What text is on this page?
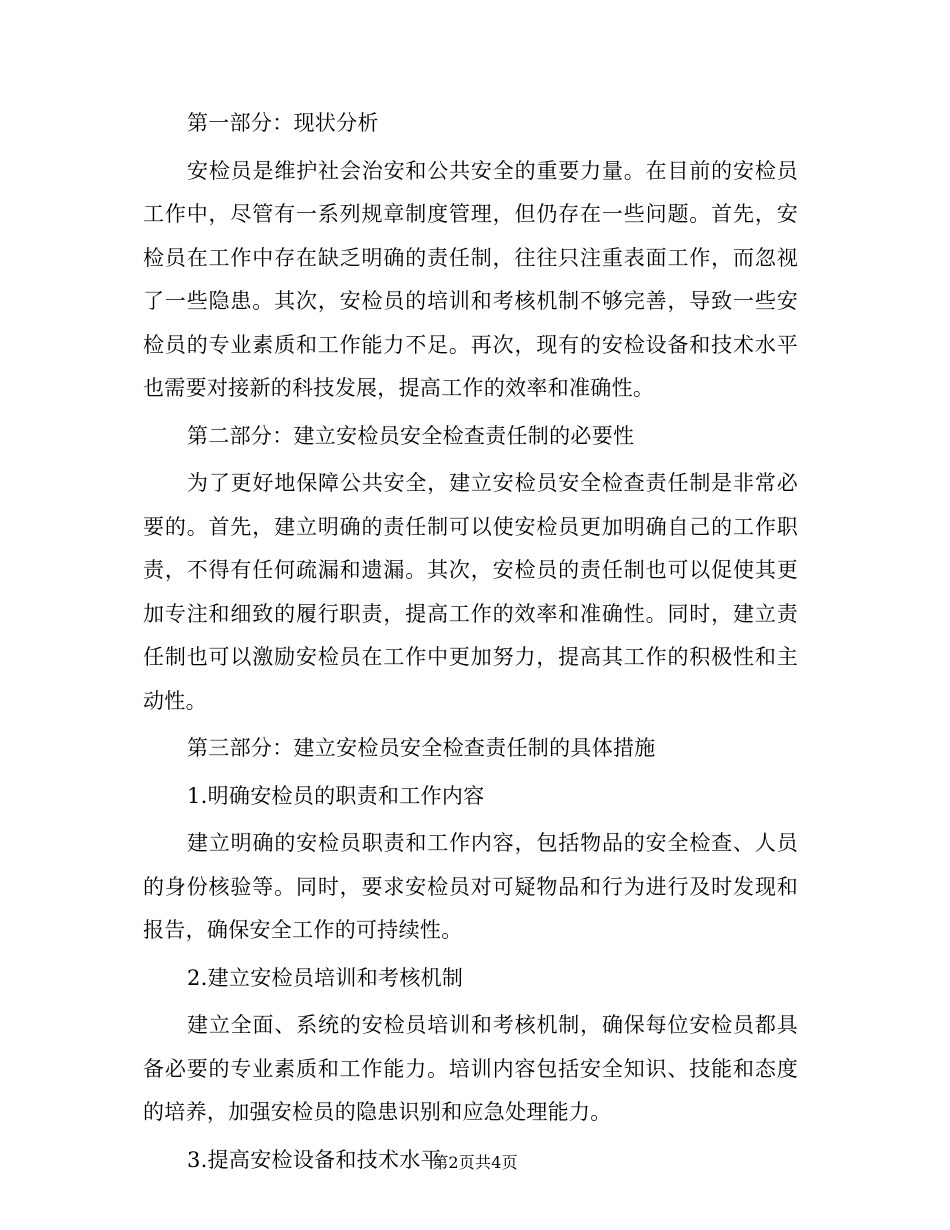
第一部分：现状分析

安检员是维护社会治安和公共安全的重要力量。在目前的安检员工作中，尽管有一系列规章制度管理，但仍存在一些问题。首先，安检员在工作中存在缺乏明确的责任制，往往只注重表面工作，而忽视了一些隐患。其次，安检员的培训和考核机制不够完善，导致一些安检员的专业素质和工作能力不足。再次，现有的安检设备和技术水平也需要对接新的科技发展，提高工作的效率和准确性。

第二部分：建立安检员安全检查责任制的必要性

为了更好地保障公共安全，建立安检员安全检查责任制是非常必要的。首先，建立明确的责任制可以使安检员更加明确自己的工作职责，不得有任何疏漏和遗漏。其次，安检员的责任制也可以促使其更加专注和细致的履行职责，提高工作的效率和准确性。同时，建立责任制也可以激励安检员在工作中更加努力，提高其工作的积极性和主动性。

第三部分：建立安检员安全检查责任制的具体措施

1.明确安检员的职责和工作内容

建立明确的安检员职责和工作内容，包括物品的安全检查、人员的身份核验等。同时，要求安检员对可疑物品和行为进行及时发现和报告，确保安全工作的可持续性。

2.建立安检员培训和考核机制

建立全面、系统的安检员培训和考核机制，确保每位安检员都具备必要的专业素质和工作能力。培训内容包括安全知识、技能和态度的培养，加强安检员的隐患识别和应急处理能力。

3.提高安检设备和技术水平

第2页共4页
